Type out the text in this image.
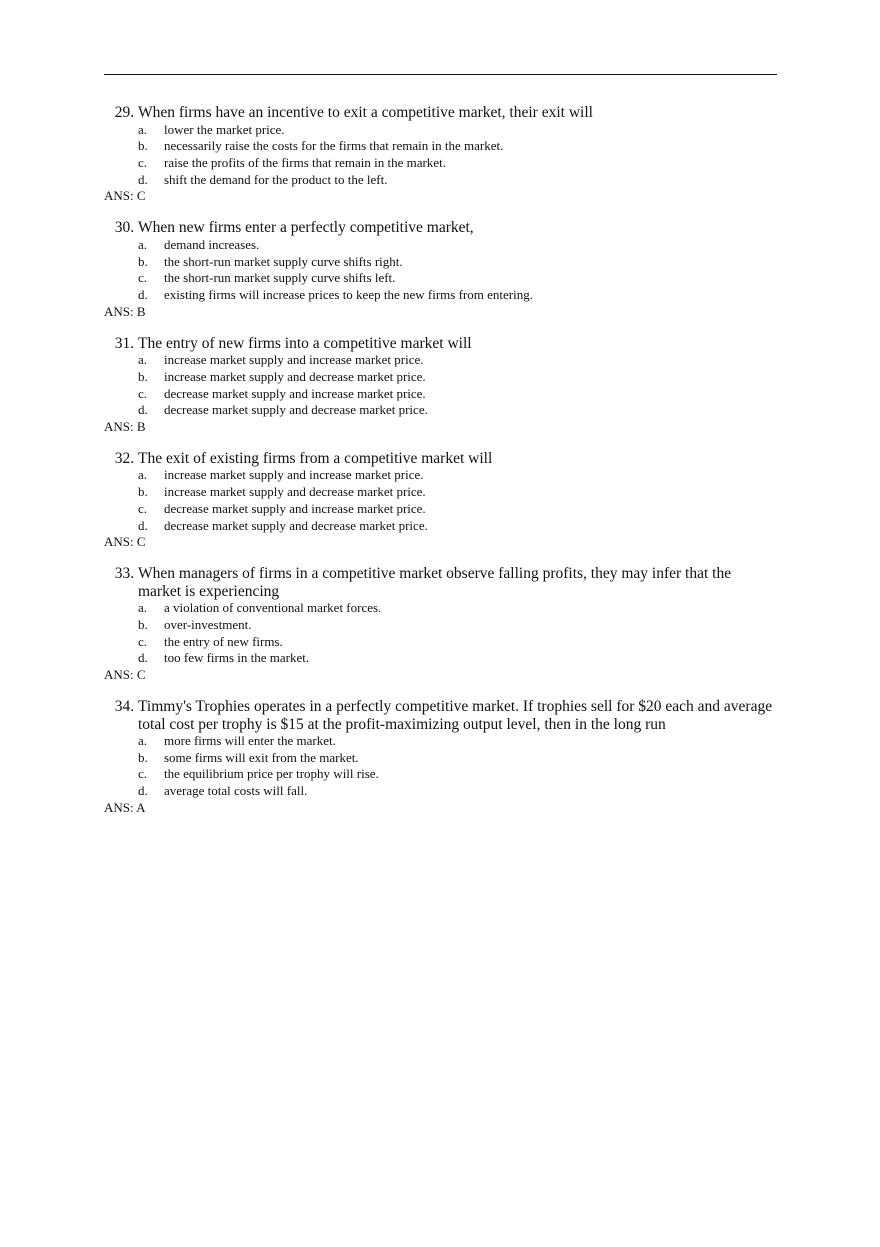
29. When firms have an incentive to exit a competitive market, their exit will
a.	lower the market price.
b.	necessarily raise the costs for the firms that remain in the market.
c.	raise the profits of the firms that remain in the market.
d.	shift the demand for the product to the left.
ANS: C
30. When new firms enter a perfectly competitive market,
a.	demand increases.
b.	the short-run market supply curve shifts right.
c.	the short-run market supply curve shifts left.
d.	existing firms will increase prices to keep the new firms from entering.
ANS: B
31. The entry of new firms into a competitive market will
a.	increase market supply and increase market price.
b.	increase market supply and decrease market price.
c.	decrease market supply and increase market price.
d.	decrease market supply and decrease market price.
ANS: B
32. The exit of existing firms from a competitive market will
a.	increase market supply and increase market price.
b.	increase market supply and decrease market price.
c.	decrease market supply and increase market price.
d.	decrease market supply and decrease market price.
ANS: C
33. When managers of firms in a competitive market observe falling profits, they may infer that the market is experiencing
a.	a violation of conventional market forces.
b.	over-investment.
c.	the entry of new firms.
d.	too few firms in the market.
ANS: C
34. Timmy's Trophies operates in a perfectly competitive market. If trophies sell for $20 each and average total cost per trophy is $15 at the profit-maximizing output level, then in the long run
a.	more firms will enter the market.
b.	some firms will exit from the market.
c.	the equilibrium price per trophy will rise.
d.	average total costs will fall.
ANS: A
